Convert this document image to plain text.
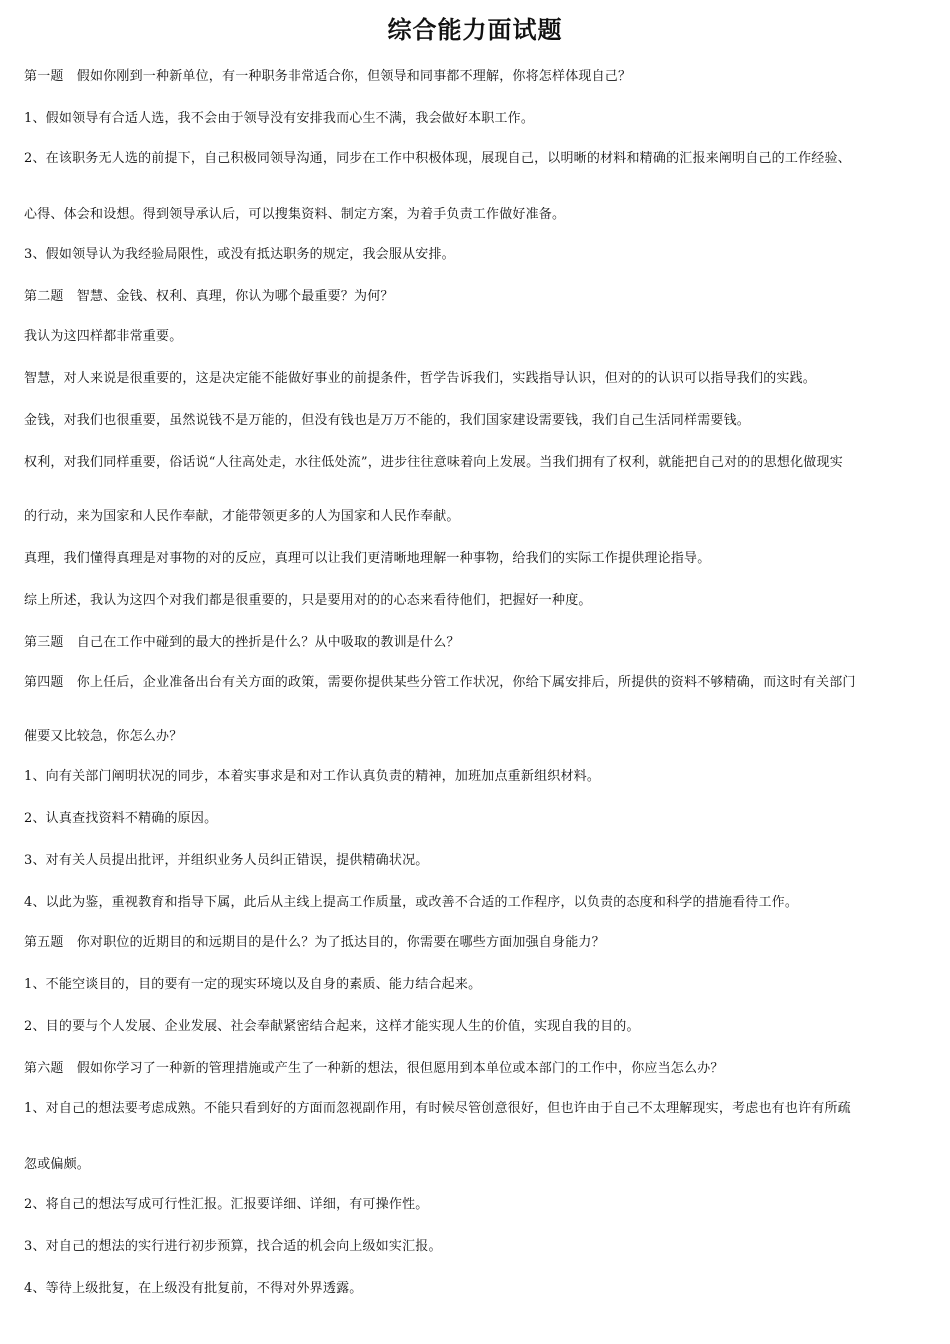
综合能力面试题
第一题　假如你刚到一种新单位，有一种职务非常适合你，但领导和同事都不理解，你将怎样体现自己？
1、假如领导有合适人选，我不会由于领导没有安排我而心生不满，我会做好本职工作。
2、在该职务无人选的前提下，自己积极同领导沟通，同步在工作中积极体现，展现自己，以明晰的材料和精确的汇报来阐明自己的工作经验、
心得、体会和设想。得到领导承认后，可以搜集资料、制定方案，为着手负责工作做好准备。
3、假如领导认为我经验局限性，或没有抵达职务的规定，我会服从安排。
第二题　智慧、金钱、权利、真理，你认为哪个最重要？为何？
我认为这四样都非常重要。
智慧，对人来说是很重要的，这是决定能不能做好事业的前提条件，哲学告诉我们，实践指导认识，但对的的认识可以指导我们的实践。
金钱，对我们也很重要，虽然说钱不是万能的，但没有钱也是万万不能的，我们国家建设需要钱，我们自己生活同样需要钱。
权利，对我们同样重要，俗话说“人往高处走，水往低处流”，进步往往意味着向上发展。当我们拥有了权利，就能把自己对的的思想化做现实
的行动，来为国家和人民作奉献，才能带领更多的人为国家和人民作奉献。
真理，我们懂得真理是对事物的对的反应，真理可以让我们更清晰地理解一种事物，给我们的实际工作提供理论指导。
综上所述，我认为这四个对我们都是很重要的，只是要用对的的心态来看待他们，把握好一种度。
第三题　自己在工作中碰到的最大的挫折是什么？从中吸取的教训是什么？
第四题　你上任后，企业准备出台有关方面的政策，需要你提供某些分管工作状况，你给下属安排后，所提供的资料不够精确，而这时有关部门
催要又比较急，你怎么办？
1、向有关部门阐明状况的同步，本着实事求是和对工作认真负责的精神，加班加点重新组织材料。
2、认真查找资料不精确的原因。
3、对有关人员提出批评，并组织业务人员纠正错误，提供精确状况。
4、以此为鉴，重视教育和指导下属，此后从主线上提高工作质量，或改善不合适的工作程序，以负责的态度和科学的措施看待工作。
第五题　你对职位的近期目的和远期目的是什么？为了抵达目的，你需要在哪些方面加强自身能力？
1、不能空谈目的，目的要有一定的现实环境以及自身的素质、能力结合起来。
2、目的要与个人发展、企业发展、社会奉献紧密结合起来，这样才能实现人生的价值，实现自我的目的。
第六题　假如你学习了一种新的管理措施或产生了一种新的想法，很但愿用到本单位或本部门的工作中，你应当怎么办？
1、对自己的想法要考虑成熟。不能只看到好的方面而忽视副作用，有时候尽管创意很好，但也许由于自己不太理解现实，考虑也有也许有所疏
忽或偏颇。
2、将自己的想法写成可行性汇报。汇报要详细、详细，有可操作性。
3、对自己的想法的实行进行初步预算，找合适的机会向上级如实汇报。
4、等待上级批复，在上级没有批复前，不得对外界透露。
